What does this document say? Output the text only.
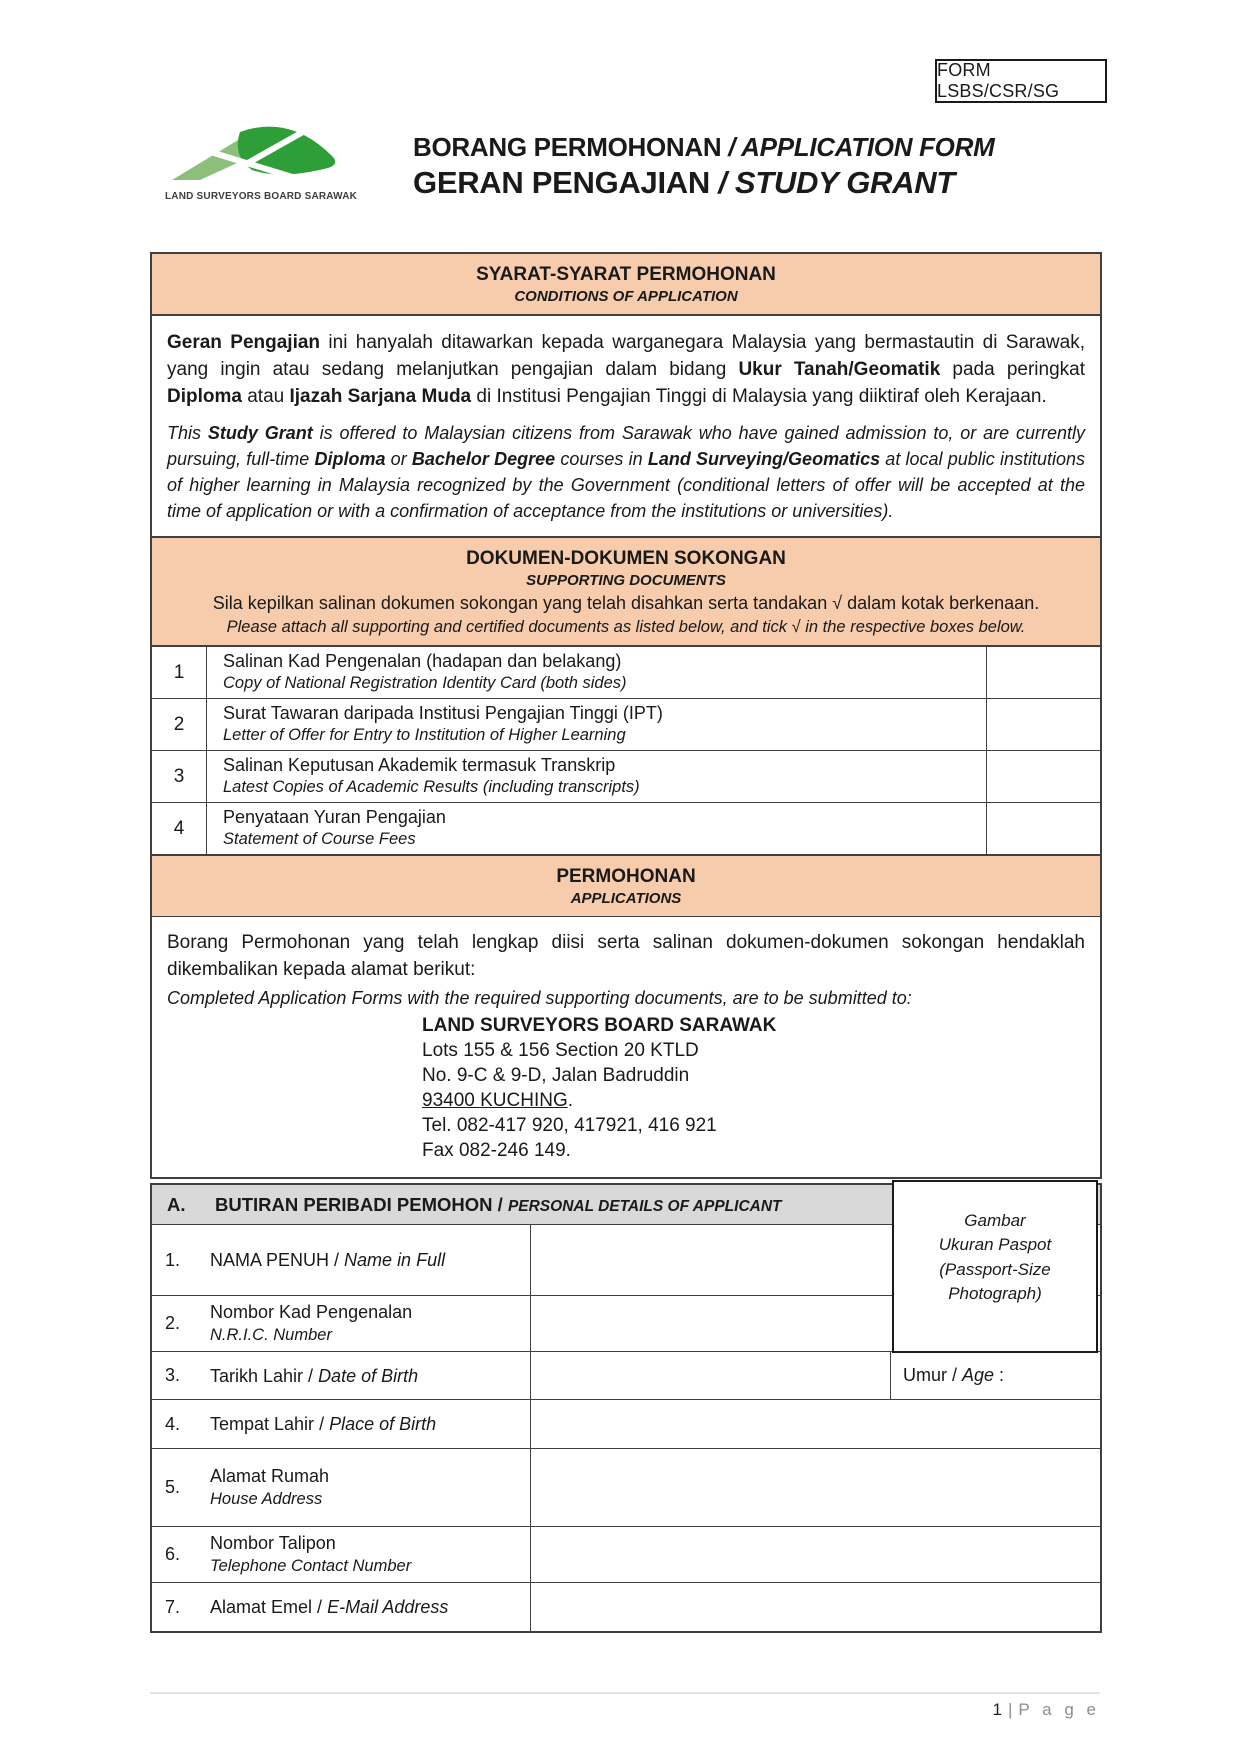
FORM LSBS/CSR/SG
LAND SURVEYORS BOARD SARAWAK
BORANG PERMOHONAN / APPLICATION FORM
GERAN PENGAJIAN / STUDY GRANT
SYARAT-SYARAT PERMOHONAN
CONDITIONS OF APPLICATION
Geran Pengajian ini hanyalah ditawarkan kepada warganegara Malaysia yang bermastautin di Sarawak, yang ingin atau sedang melanjutkan pengajian dalam bidang Ukur Tanah/Geomatik pada peringkat Diploma atau Ijazah Sarjana Muda di Institusi Pengajian Tinggi di Malaysia yang diiktiraf oleh Kerajaan.
This Study Grant is offered to Malaysian citizens from Sarawak who have gained admission to, or are currently pursuing, full-time Diploma or Bachelor Degree courses in Land Surveying/Geomatics at local public institutions of higher learning in Malaysia recognized by the Government (conditional letters of offer will be accepted at the time of application or with a confirmation of acceptance from the institutions or universities).
DOKUMEN-DOKUMEN SOKONGAN
SUPPORTING DOCUMENTS
Sila kepilkan salinan dokumen sokongan yang telah disahkan serta tandakan √ dalam kotak berkenaan.
Please attach all supporting and certified documents as listed below, and tick √ in the respective boxes below.
1
Salinan Kad Pengenalan (hadapan dan belakang)
Copy of National Registration Identity Card (both sides)
2
Surat Tawaran daripada Institusi Pengajian Tinggi (IPT)
Letter of Offer for Entry to Institution of Higher Learning
3
Salinan Keputusan Akademik termasuk Transkrip
Latest Copies of Academic Results (including transcripts)
4
Penyataan Yuran Pengajian
Statement of Course Fees
PERMOHONAN
APPLICATIONS
Borang Permohonan yang telah lengkap diisi serta salinan dokumen-dokumen sokongan hendaklah dikembalikan kepada alamat berikut:
Completed Application Forms with the required supporting documents, are to be submitted to:
LAND SURVEYORS BOARD SARAWAK
Lots 155 & 156 Section 20 KTLD
No. 9-C & 9-D, Jalan Badruddin
93400 KUCHING.
Tel. 082-417 920, 417921, 416 921
Fax 082-246 149.
A.	BUTIRAN PERIBADI PEMOHON / PERSONAL DETAILS OF APPLICANT
1.	NAMA PENUH / Name in Full
2.
Nombor Kad Pengenalan
N.R.I.C. Number
3.	Tarikh Lahir / Date of Birth	Umur / Age :
4.	Tempat Lahir / Place of Birth
5.
Alamat Rumah
House Address
6.
Nombor Talipon
Telephone Contact Number
7.	Alamat Emel / E-Mail Address
Gambar
Ukuran Paspot
(Passport-Size
Photograph)
1 | P a g e
